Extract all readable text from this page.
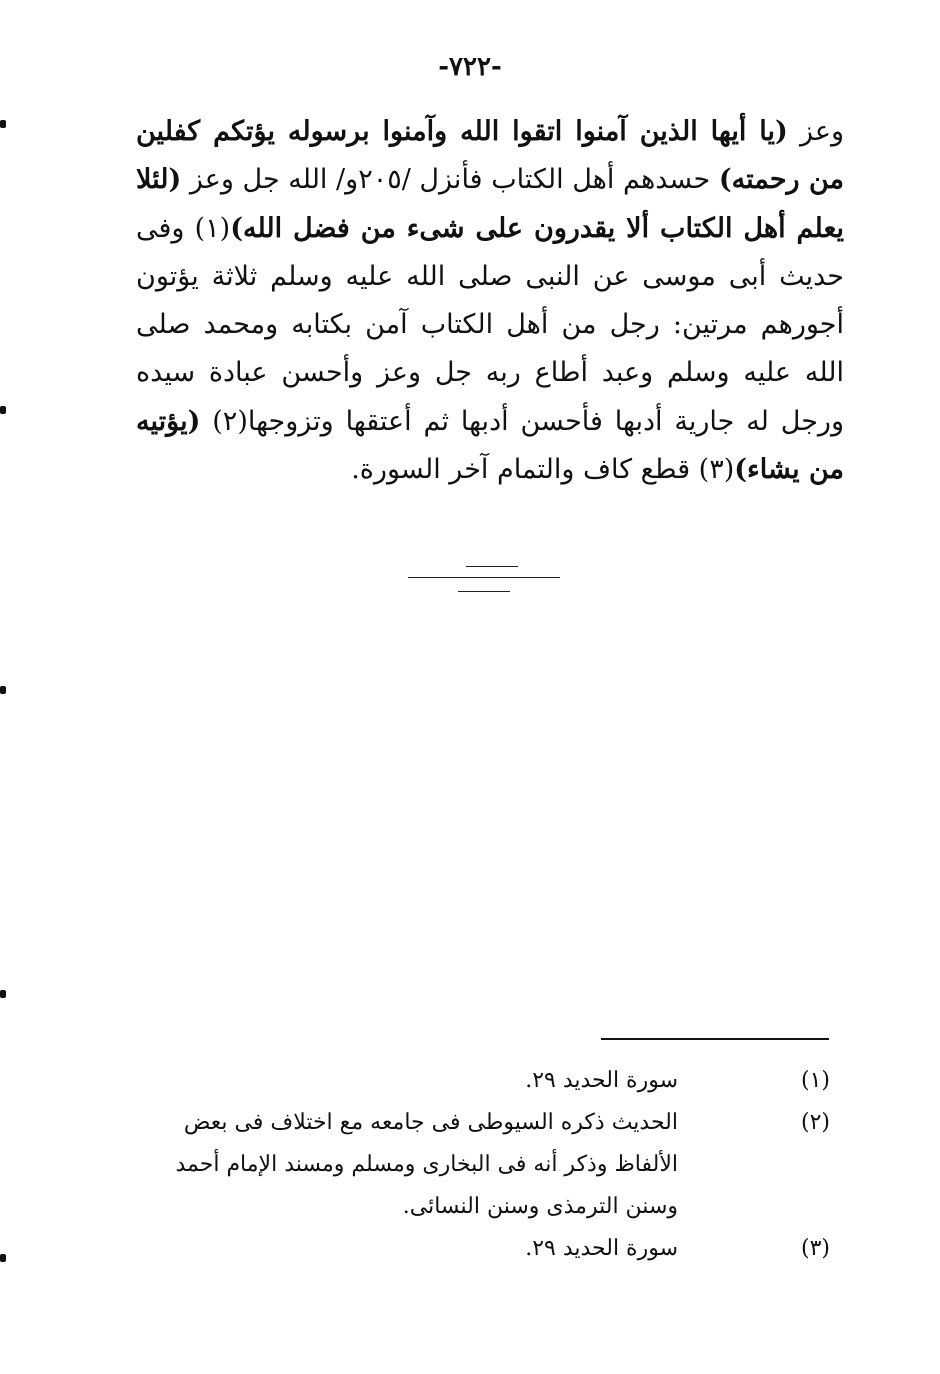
-٧٢٢-

وعز (يا أيها الذين آمنوا اتقوا الله وآمنوا برسوله يؤتكم كفلين من رحمته) حسدهم أهل الكتاب فأنزل /٢٠٥و/ الله جل وعز (لئلا يعلم أهل الكتاب ألا يقدرون على شىء من فضل الله)(١) وفى حديث أبى موسى عن النبى صلى الله عليه وسلم ثلاثة يؤتون أجورهم مرتين: رجل من أهل الكتاب آمن بكتابه ومحمد صلى الله عليه وسلم وعبد أطاع ربه جل وعز وأحسن عبادة سيده ورجل له جارية أدبها فأحسن أدبها ثم أعتقها وتزوجها(٢) (يؤتيه من يشاء)(٣) قطع كاف والتمام آخر السورة.

(١)
سورة الحديد ٢٩.
(٢)
الحديث ذكره السيوطى فى جامعه مع اختلاف فى بعض
الألفاظ وذكر أنه فى البخارى ومسلم ومسند الإمام أحمد
وسنن الترمذى وسنن النسائى.
(٣)
سورة الحديد ٢٩.
